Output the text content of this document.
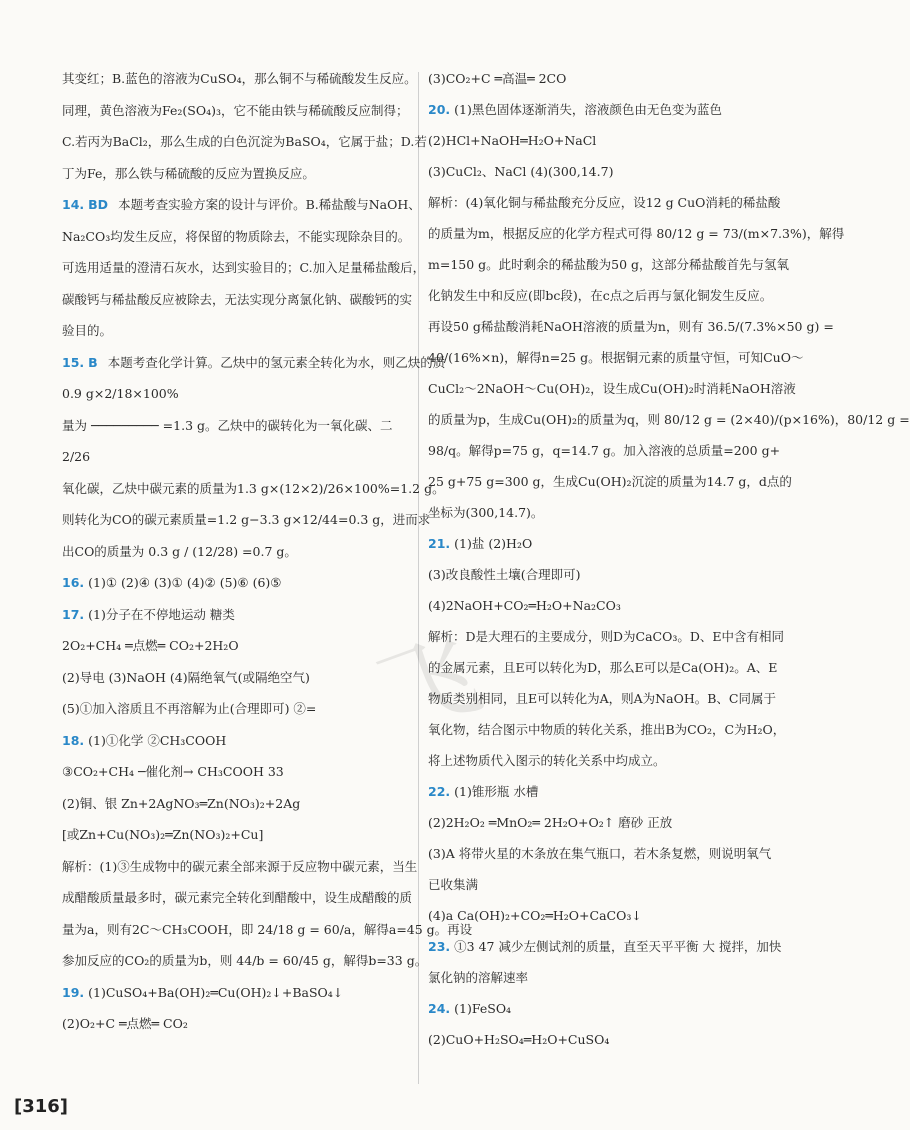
飞
其变红；B.蓝色的溶液为CuSO₄，那么铜不与稀硫酸发生反应。
同理，黄色溶液为Fe₂(SO₄)₃，它不能由铁与稀硫酸反应制得；
C.若丙为BaCl₂，那么生成的白色沉淀为BaSO₄，它属于盐；D.若
丁为Fe，那么铁与稀硫酸的反应为置换反应。
14. BD 本题考查实验方案的设计与评价。B.稀盐酸与NaOH、
Na₂CO₃均发生反应，将保留的物质除去，不能实现除杂目的。
可选用适量的澄清石灰水，达到实验目的；C.加入足量稀盐酸后，
碳酸钙与稀盐酸反应被除去，无法实现分离氯化钠、碳酸钙的实
验目的。
15. B 本题考查化学计算。乙炔中的氢元素全转化为水，则乙炔的质
0.9 g×2/18×100%
量为 ───────── =1.3 g。乙炔中的碳转化为一氧化碳、二
2/26
氧化碳，乙炔中碳元素的质量为1.3 g×(12×2)/26×100%=1.2 g。
则转化为CO的碳元素质量=1.2 g−3.3 g×12/44=0.3 g，进而求
出CO的质量为 0.3 g / (12/28) =0.7 g。
16. (1)① (2)④ (3)① (4)② (5)⑥ (6)⑤
17. (1)分子在不停地运动 糖类
2O₂+CH₄ ═点燃═ CO₂+2H₂O
(2)导电 (3)NaOH (4)隔绝氧气(或隔绝空气)
(5)①加入溶质且不再溶解为止(合理即可) ②=
18. (1)①化学 ②CH₃COOH
③CO₂+CH₄ ─催化剂→ CH₃COOH 33
(2)铜、银 Zn+2AgNO₃═Zn(NO₃)₂+2Ag
[或Zn+Cu(NO₃)₂═Zn(NO₃)₂+Cu]
解析：(1)③生成物中的碳元素全部来源于反应物中碳元素，当生
成醋酸质量最多时，碳元素完全转化到醋酸中，设生成醋酸的质
量为a，则有2C～CH₃COOH，即 24/18 g = 60/a，解得a=45 g。再设
参加反应的CO₂的质量为b，则 44/b = 60/45 g，解得b=33 g。
19. (1)CuSO₄+Ba(OH)₂═Cu(OH)₂↓+BaSO₄↓
(2)O₂+C ═点燃═ CO₂
(3)CO₂+C ═高温═ 2CO
20. (1)黑色固体逐渐消失，溶液颜色由无色变为蓝色
(2)HCl+NaOH═H₂O+NaCl
(3)CuCl₂、NaCl (4)(300,14.7)
解析：(4)氧化铜与稀盐酸充分反应，设12 g CuO消耗的稀盐酸
的质量为m，根据反应的化学方程式可得 80/12 g = 73/(m×7.3%)，解得
m=150 g。此时剩余的稀盐酸为50 g，这部分稀盐酸首先与氢氧
化钠发生中和反应(即bc段)，在c点之后再与氯化铜发生反应。
再设50 g稀盐酸消耗NaOH溶液的质量为n，则有 36.5/(7.3%×50 g) =
40/(16%×n)，解得n=25 g。根据铜元素的质量守恒，可知CuO～
CuCl₂～2NaOH～Cu(OH)₂，设生成Cu(OH)₂时消耗NaOH溶液
的质量为p，生成Cu(OH)₂的质量为q，则 80/12 g = (2×40)/(p×16%)，80/12 g =
98/q。解得p=75 g，q=14.7 g。加入溶液的总质量=200 g+
25 g+75 g=300 g，生成Cu(OH)₂沉淀的质量为14.7 g，d点的
坐标为(300,14.7)。
21. (1)盐 (2)H₂O
(3)改良酸性土壤(合理即可)
(4)2NaOH+CO₂═H₂O+Na₂CO₃
解析：D是大理石的主要成分，则D为CaCO₃。D、E中含有相同
的金属元素，且E可以转化为D，那么E可以是Ca(OH)₂。A、E
物质类别相同，且E可以转化为A，则A为NaOH。B、C同属于
氧化物，结合图示中物质的转化关系，推出B为CO₂，C为H₂O，
将上述物质代入图示的转化关系中均成立。
22. (1)锥形瓶 水槽
(2)2H₂O₂ ═MnO₂═ 2H₂O+O₂↑ 磨砂 正放
(3)A 将带火星的木条放在集气瓶口，若木条复燃，则说明氧气
已收集满
(4)a Ca(OH)₂+CO₂═H₂O+CaCO₃↓
23. ①3 47 减少左侧试剂的质量，直至天平平衡 大 搅拌，加快
氯化钠的溶解速率
24. (1)FeSO₄
(2)CuO+H₂SO₄═H₂O+CuSO₄
[316]
